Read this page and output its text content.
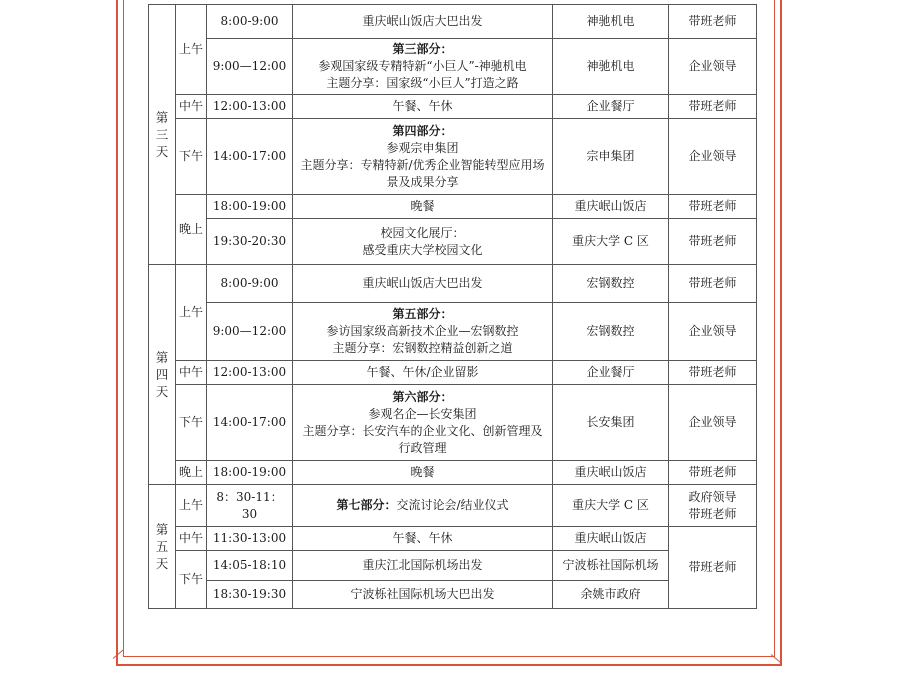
第
三
天	上午	8:00-9:00	重庆岷山饭店大巴出发	神驰机电	带班老师
		9:00—12:00	第三部分：
参观国家级专精特新“小巨人”-神驰机电
主题分享：国家级“小巨人”打造之路	神驰机电	企业领导
	中午	12:00-13:00	午餐、午休	企业餐厅	带班老师
	下午	14:00-17:00	第四部分：
参观宗申集团
主题分享：专精特新/优秀企业智能转型应用场
景及成果分享	宗申集团	企业领导
	晚上	18:00-19:00	晚餐	重庆岷山饭店	带班老师
		19:30-20:30	校园文化展厅：
感受重庆大学校园文化	重庆大学 C 区	带班老师
第
四
天	上午	8:00-9:00	重庆岷山饭店大巴出发	宏钢数控	带班老师
		9:00—12:00	第五部分：
参访国家级高新技术企业—宏钢数控
主题分享：宏钢数控精益创新之道	宏钢数控	企业领导
	中午	12:00-13:00	午餐、午休/企业留影	企业餐厅	带班老师
	下午	14:00-17:00	第六部分：
参观名企—长安集团
主题分享：长安汽车的企业文化、创新管理及
行政管理	长安集团	企业领导
	晚上	18:00-19:00	晚餐	重庆岷山饭店	带班老师
第
五
天	上午	8：30-11：30	第七部分：交流讨论会/结业仪式	重庆大学 C 区	政府领导
带班老师

	中午	11:30-13:00	午餐、午休	重庆岷山饭店	带班老师
	下午	14:05-18:10	重庆江北国际机场出发	宁波栎社国际机场	
		18:30-19:30	宁波栎社国际机场大巴出发	余姚市政府	
